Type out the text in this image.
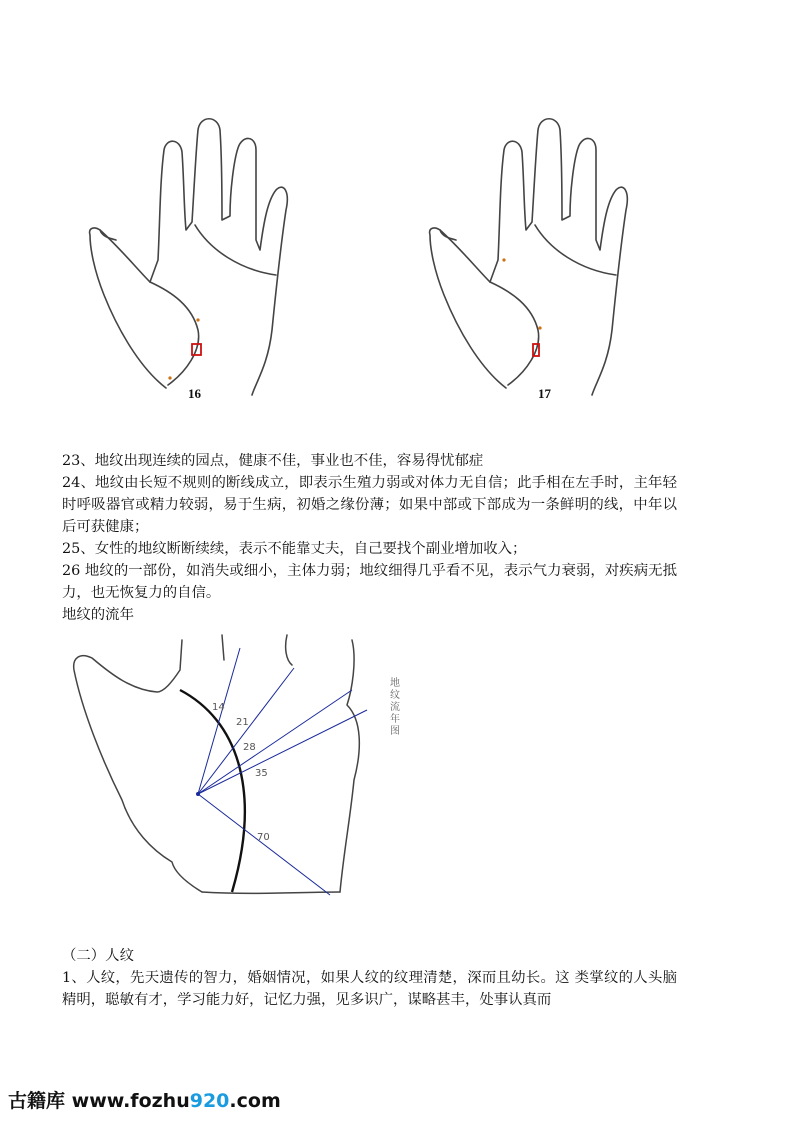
16	17

23、地纹出现连续的园点，健康不佳，事业也不佳，容易得忧郁症

24、地纹由长短不规则的断线成立，即表示生殖力弱或对体力无自信；此手相在左手时，主年轻时呼吸器官或精力较弱，易于生病，初婚之缘份薄；如果中部或下部成为一条鲜明的线，中年以后可获健康；

25、女性的地纹断断续续，表示不能靠丈夫，自己要找个副业增加收入；

26 地纹的一部份，如消失或细小，主体力弱；地纹细得几乎看不见，表示气力衰弱，对疾病无抵力，也无恢复力的自信。

地纹的流年

14
21
28
35
70
地纹流年图
（二）人纹

1、人纹，先天遗传的智力，婚姻情况，如果人纹的纹理清楚，深而且幼长。这 类掌纹的人头脑精明，聪敏有才，学习能力好，记忆力强，见多识广，谋略甚丰，处事认真而

古籍库 www.fozhu920.com
